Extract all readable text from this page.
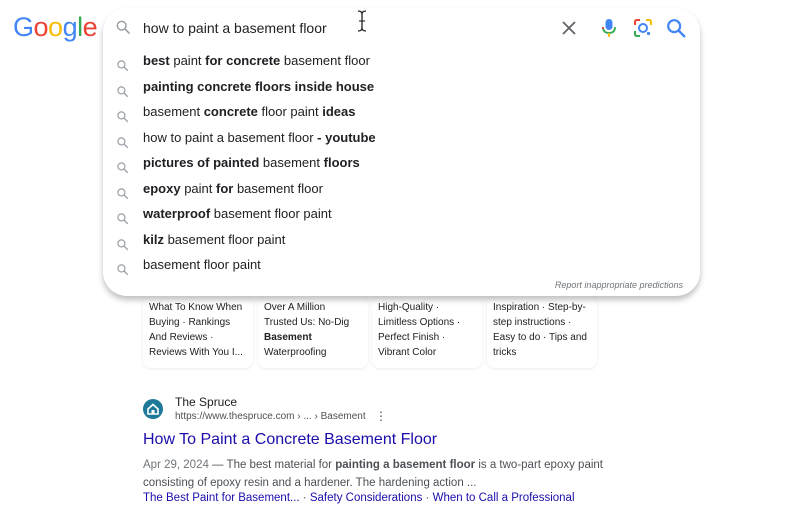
Google
What To Know When
Buying · Rankings
And Reviews ·
Reviews With You I...
Over A Million
Trusted Us: No-Dig
Basement
Waterproofing
High-Quality ·
Limitless Options ·
Perfect Finish ·
Vibrant Color
Inspiration · Step-by-
step instructions ·
Easy to do · Tips and
tricks
how to paint a basement floor
best paint for concrete basement floor
painting concrete floors inside house
basement concrete floor paint ideas
how to paint a basement floor - youtube
pictures of painted basement floors
epoxy paint for basement floor
waterproof basement floor paint
kilz basement floor paint
basement floor paint
Report inappropriate predictions
The Spruce
https://www.thespruce.com › ... › Basement ⋮
How To Paint a Concrete Basement Floor
Apr 29, 2024 — The best material for painting a basement floor is a two-part epoxy paint consisting of epoxy resin and a hardener. The hardening action ...
The Best Paint for Basement... · Safety Considerations · When to Call a Professional
